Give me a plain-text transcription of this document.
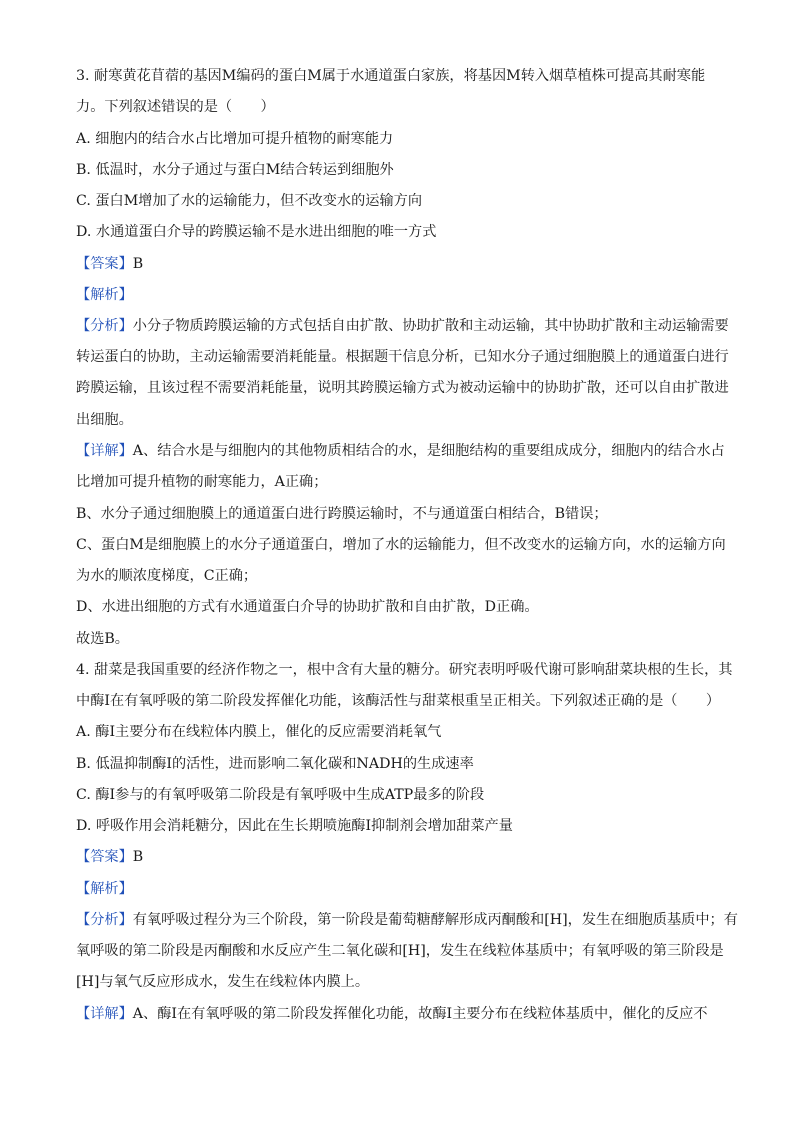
3. 耐寒黄花苜蓿的基因M编码的蛋白M属于水通道蛋白家族，将基因M转入烟草植株可提高其耐寒能
力。下列叙述错误的是（　　）
A. 细胞内的结合水占比增加可提升植物的耐寒能力
B. 低温时，水分子通过与蛋白M结合转运到细胞外
C. 蛋白M增加了水的运输能力，但不改变水的运输方向
D. 水通道蛋白介导的跨膜运输不是水进出细胞的唯一方式
【答案】B
【解析】
【分析】小分子物质跨膜运输的方式包括自由扩散、协助扩散和主动运输，其中协助扩散和主动运输需要
转运蛋白的协助，主动运输需要消耗能量。根据题干信息分析，已知水分子通过细胞膜上的通道蛋白进行
跨膜运输，且该过程不需要消耗能量，说明其跨膜运输方式为被动运输中的协助扩散，还可以自由扩散进
出细胞。
【详解】A、结合水是与细胞内的其他物质相结合的水，是细胞结构的重要组成成分，细胞内的结合水占
比增加可提升植物的耐寒能力，A正确；
B、水分子通过细胞膜上的通道蛋白进行跨膜运输时，不与通道蛋白相结合，B错误；
C、蛋白M是细胞膜上的水分子通道蛋白，增加了水的运输能力，但不改变水的运输方向，水的运输方向
为水的顺浓度梯度，C正确；
D、水进出细胞的方式有水通道蛋白介导的协助扩散和自由扩散，D正确。
故选B。
4. 甜菜是我国重要的经济作物之一，根中含有大量的糖分。研究表明呼吸代谢可影响甜菜块根的生长，其
中酶Ⅰ在有氧呼吸的第二阶段发挥催化功能，该酶活性与甜菜根重呈正相关。下列叙述正确的是（　　）
A. 酶Ⅰ主要分布在线粒体内膜上，催化的反应需要消耗氧气
B. 低温抑制酶Ⅰ的活性，进而影响二氧化碳和NADH的生成速率
C. 酶Ⅰ参与的有氧呼吸第二阶段是有氧呼吸中生成ATP最多的阶段
D. 呼吸作用会消耗糖分，因此在生长期喷施酶Ⅰ抑制剂会增加甜菜产量
【答案】B
【解析】
【分析】有氧呼吸过程分为三个阶段，第一阶段是葡萄糖酵解形成丙酮酸和[H]，发生在细胞质基质中；有
氧呼吸的第二阶段是丙酮酸和水反应产生二氧化碳和[H]，发生在线粒体基质中；有氧呼吸的第三阶段是
[H]与氧气反应形成水，发生在线粒体内膜上。
【详解】A、酶Ⅰ在有氧呼吸的第二阶段发挥催化功能，故酶Ⅰ主要分布在线粒体基质中，催化的反应不
